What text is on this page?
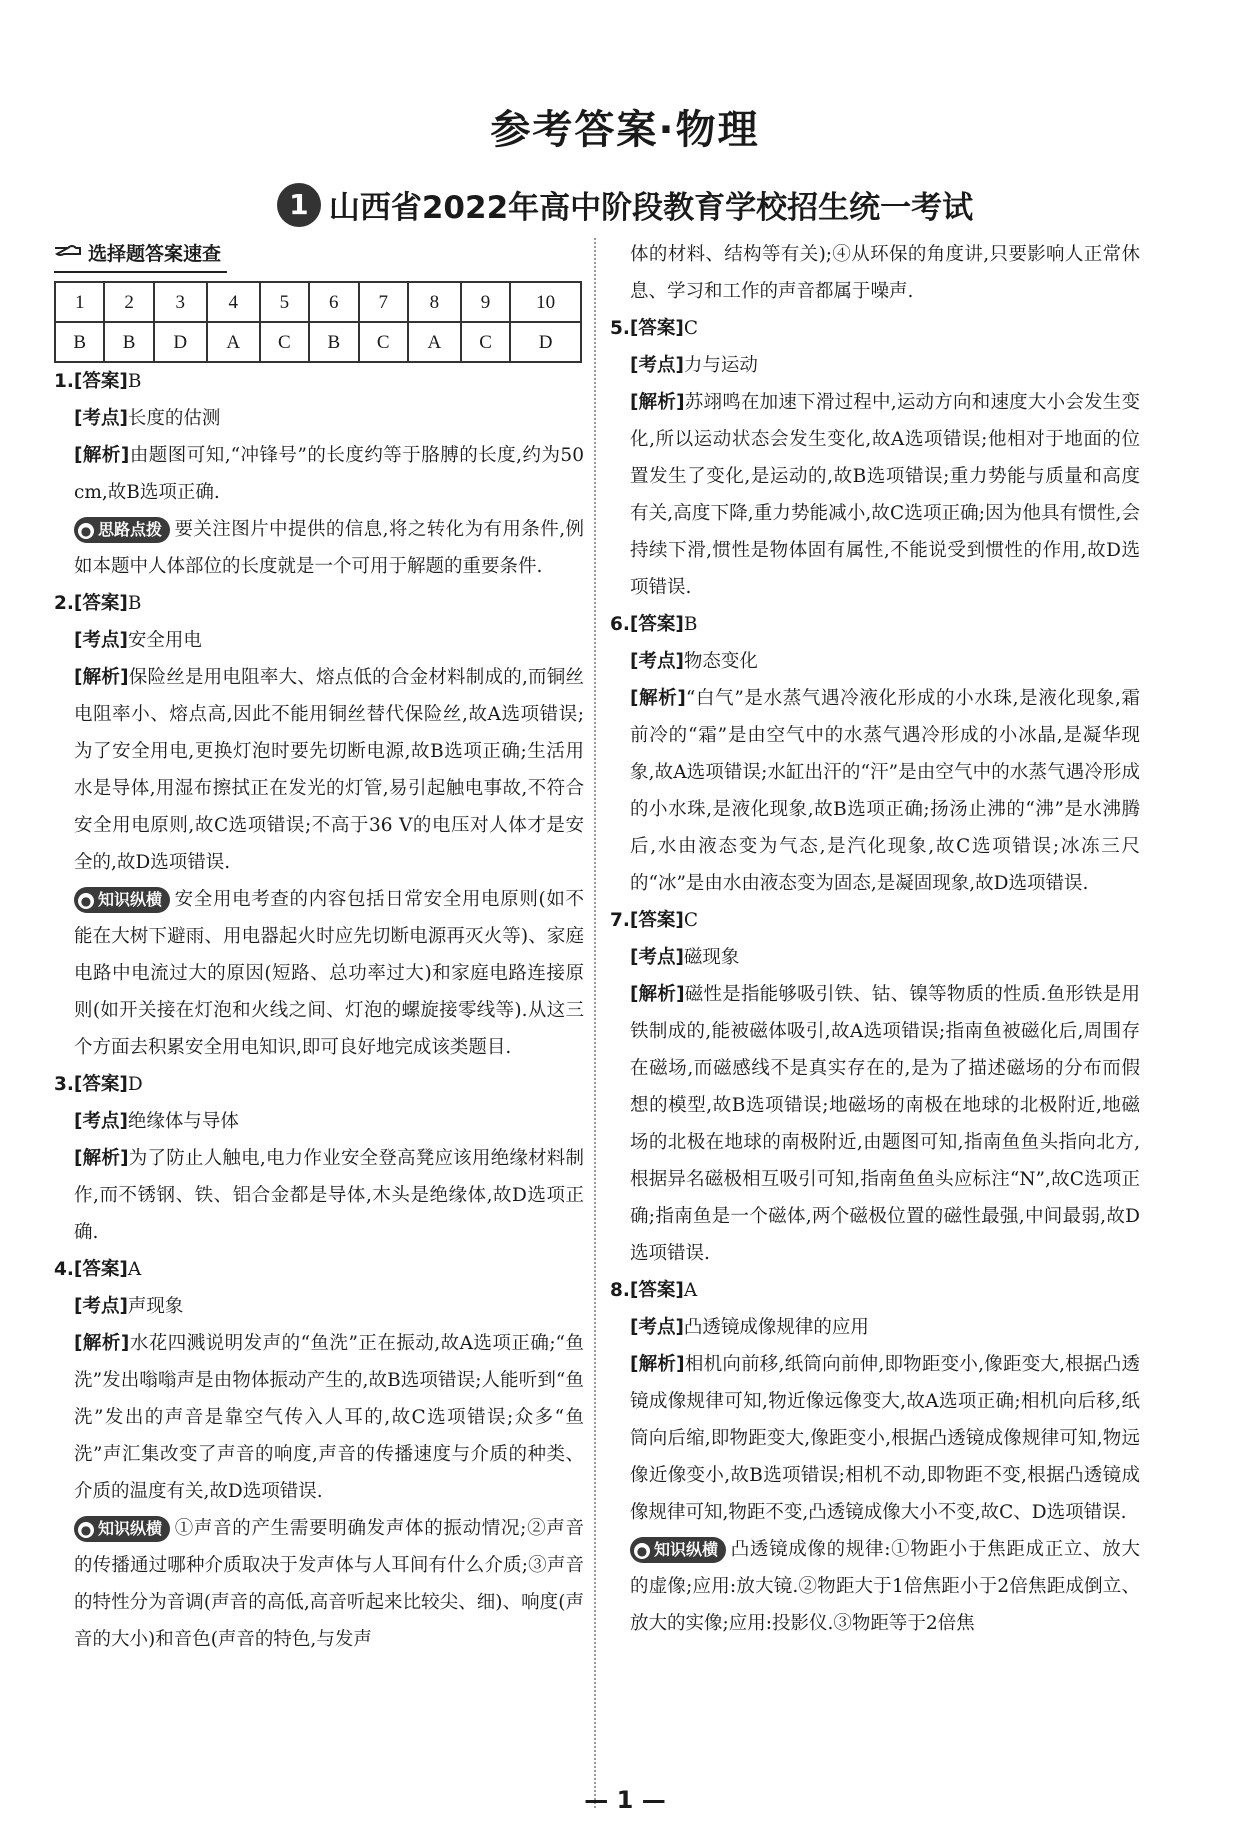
参考答案·物理
1 山西省2022年高中阶段教育学校招生统一考试
选择题答案速查
1	2	3	4	5	6	7	8	9	10
B	B	D	A	C	B	C	A	C	D
1.[答案]B
[考点]长度的估测
[解析]由题图可知,“冲锋号”的长度约等于胳膊的长度,约为50 cm,故B选项正确.
● 思路点拨 要关注图片中提供的信息,将之转化为有用条件,例如本题中人体部位的长度就是一个可用于解题的重要条件.
2.[答案]B
[考点]安全用电
[解析]保险丝是用电阻率大、熔点低的合金材料制成的,而铜丝电阻率小、熔点高,因此不能用铜丝替代保险丝,故A选项错误;为了安全用电,更换灯泡时要先切断电源,故B选项正确;生活用水是导体,用湿布擦拭正在发光的灯管,易引起触电事故,不符合安全用电原则,故C选项错误;不高于36 V的电压对人体才是安全的,故D选项错误.
● 知识纵横 安全用电考查的内容包括日常安全用电原则(如不能在大树下避雨、用电器起火时应先切断电源再灭火等)、家庭电路中电流过大的原因(短路、总功率过大)和家庭电路连接原则(如开关接在灯泡和火线之间、灯泡的螺旋接零线等).从这三个方面去积累安全用电知识,即可良好地完成该类题目.
3.[答案]D
[考点]绝缘体与导体
[解析]为了防止人触电,电力作业安全登高凳应该用绝缘材料制作,而不锈钢、铁、铝合金都是导体,木头是绝缘体,故D选项正确.
4.[答案]A
[考点]声现象
[解析]水花四溅说明发声的“鱼洗”正在振动,故A选项正确;“鱼洗”发出嗡嗡声是由物体振动产生的,故B选项错误;人能听到“鱼洗”发出的声音是靠空气传入人耳的,故C选项错误;众多“鱼洗”声汇集改变了声音的响度,声音的传播速度与介质的种类、介质的温度有关,故D选项错误.
● 知识纵横 ①声音的产生需要明确发声体的振动情况;②声音的传播通过哪种介质取决于发声体与人耳间有什么介质;③声音的特性分为音调(声音的高低,高音听起来比较尖、细)、响度(声音的大小)和音色(声音的特色,与发声
体的材料、结构等有关);④从环保的角度讲,只要影响人正常休息、学习和工作的声音都属于噪声.
5.[答案]C
[考点]力与运动
[解析]苏翊鸣在加速下滑过程中,运动方向和速度大小会发生变化,所以运动状态会发生变化,故A选项错误;他相对于地面的位置发生了变化,是运动的,故B选项错误;重力势能与质量和高度有关,高度下降,重力势能减小,故C选项正确;因为他具有惯性,会持续下滑,惯性是物体固有属性,不能说受到惯性的作用,故D选项错误.
6.[答案]B
[考点]物态变化
[解析]“白气”是水蒸气遇冷液化形成的小水珠,是液化现象,霜前冷的“霜”是由空气中的水蒸气遇冷形成的小冰晶,是凝华现象,故A选项错误;水缸出汗的“汗”是由空气中的水蒸气遇冷形成的小水珠,是液化现象,故B选项正确;扬汤止沸的“沸”是水沸腾后,水由液态变为气态,是汽化现象,故C选项错误;冰冻三尺的“冰”是由水由液态变为固态,是凝固现象,故D选项错误.
7.[答案]C
[考点]磁现象
[解析]磁性是指能够吸引铁、钴、镍等物质的性质.鱼形铁是用铁制成的,能被磁体吸引,故A选项错误;指南鱼被磁化后,周围存在磁场,而磁感线不是真实存在的,是为了描述磁场的分布而假想的模型,故B选项错误;地磁场的南极在地球的北极附近,地磁场的北极在地球的南极附近,由题图可知,指南鱼鱼头指向北方,根据异名磁极相互吸引可知,指南鱼鱼头应标注“N”,故C选项正确;指南鱼是一个磁体,两个磁极位置的磁性最强,中间最弱,故D选项错误.
8.[答案]A
[考点]凸透镜成像规律的应用
[解析]相机向前移,纸筒向前伸,即物距变小,像距变大,根据凸透镜成像规律可知,物近像远像变大,故A选项正确;相机向后移,纸筒向后缩,即物距变大,像距变小,根据凸透镜成像规律可知,物远像近像变小,故B选项错误;相机不动,即物距不变,根据凸透镜成像规律可知,物距不变,凸透镜成像大小不变,故C、D选项错误.
● 知识纵横 凸透镜成像的规律:①物距小于焦距成正立、放大的虚像;应用:放大镜.②物距大于1倍焦距小于2倍焦距成倒立、放大的实像;应用:投影仪.③物距等于2倍焦
— 1 —
